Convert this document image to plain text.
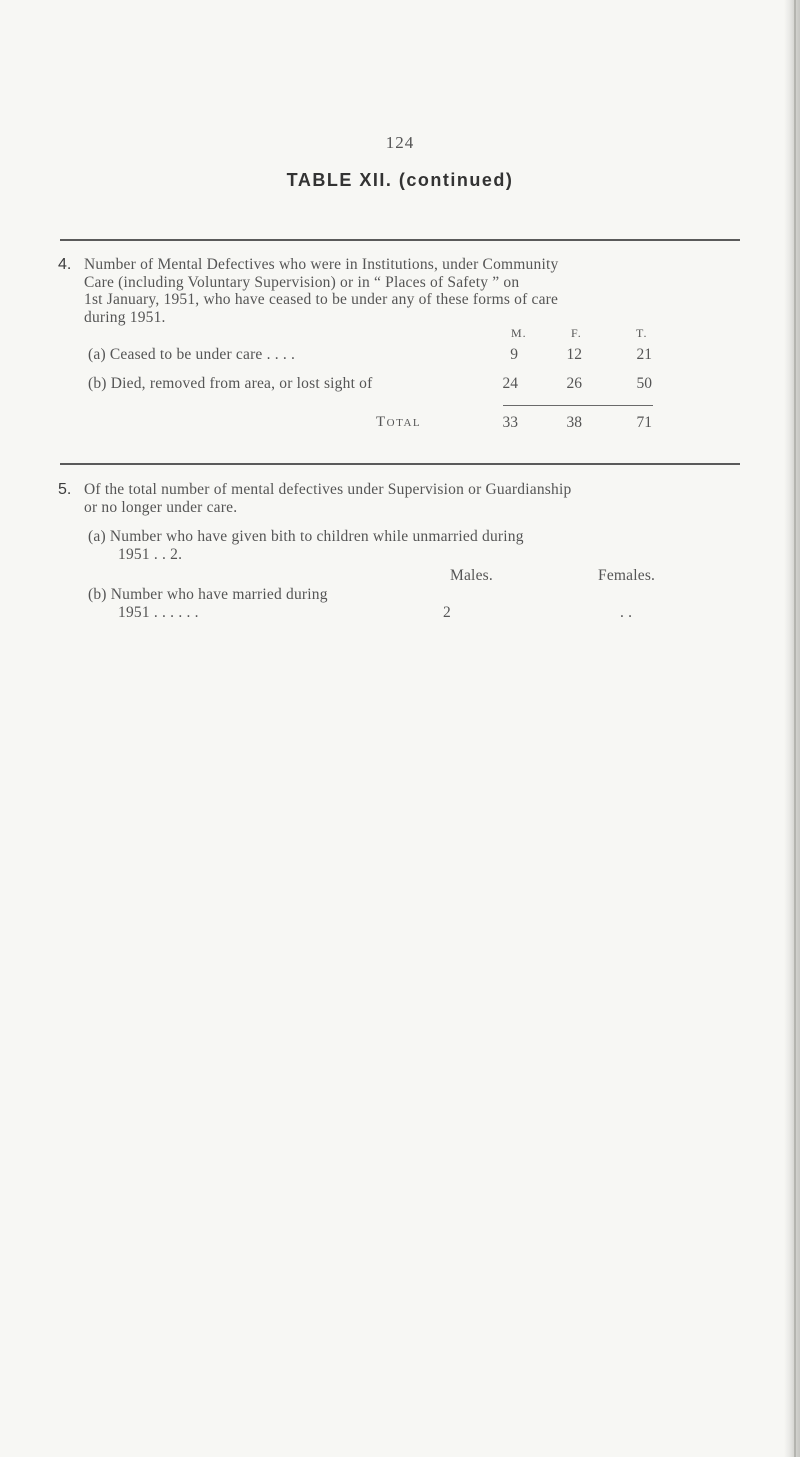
124
TABLE XII. (continued)
4. Number of Mental Defectives who were in Institutions, under Community
Care (including Voluntary Supervision) or in “ Places of Safety ” on
1st January, 1951, who have ceased to be under any of these forms of care
during 1951.
M.	F.	T.
(a) Ceased to be under care . . . .	9	12	21
(b) Died, removed from area, or lost sight of	24	26	50
Total	33	38	71
5. Of the total number of mental defectives under Supervision or Guardianship
or no longer under care.
(a) Number who have given bith to children while unmarried during
1951 . . 2.
Males.	Females.
(b) Number who have married during
1951 . . . . . .	2	. .
